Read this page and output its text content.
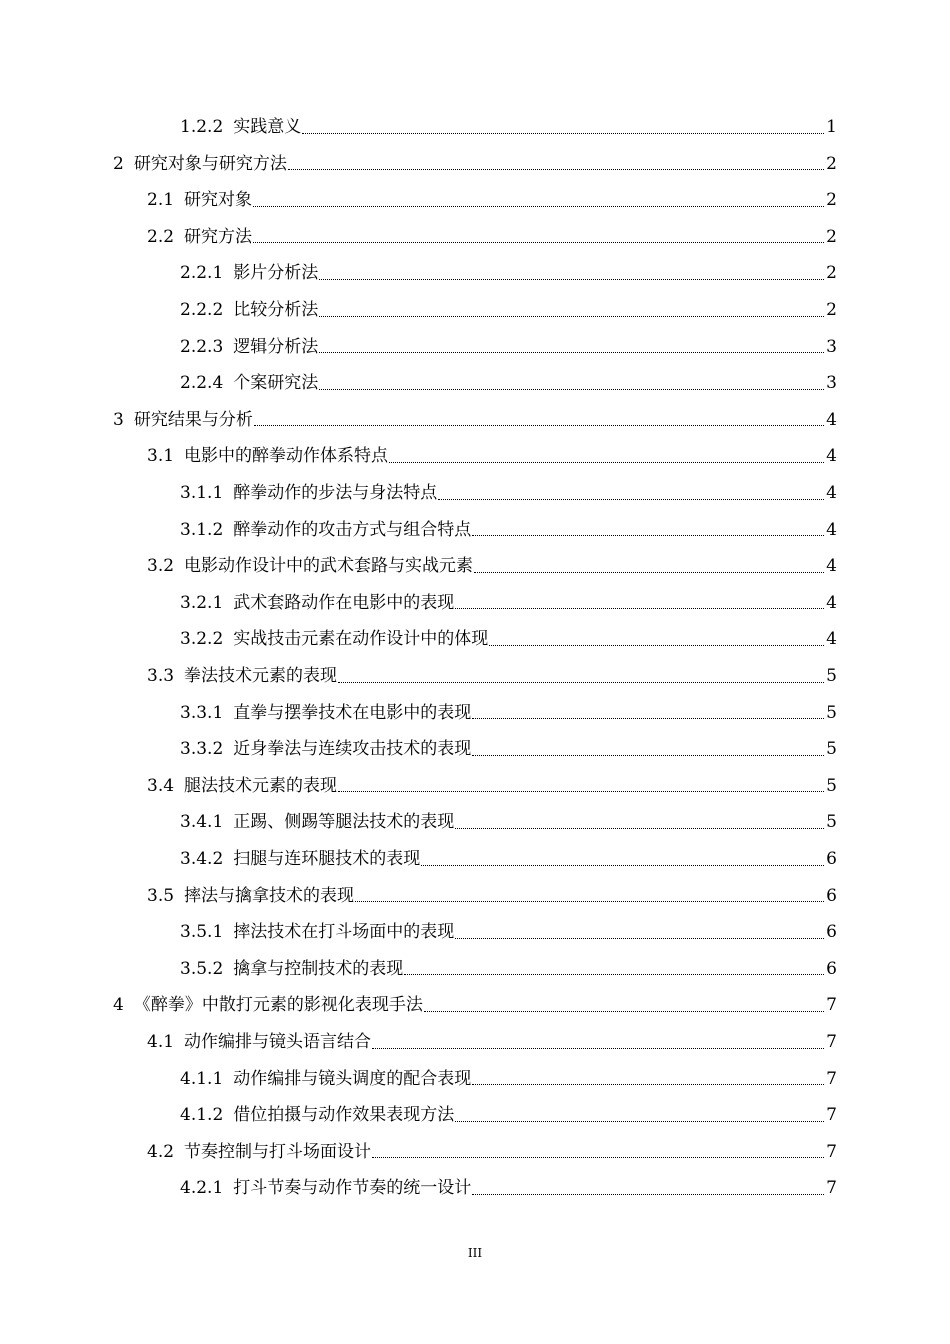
1.2.2 实践意义	1
2 研究对象与研究方法	2
2.1 研究对象	2
2.2 研究方法	2
2.2.1 影片分析法	2
2.2.2 比较分析法	2
2.2.3 逻辑分析法	3
2.2.4 个案研究法	3
3 研究结果与分析	4
3.1 电影中的醉拳动作体系特点	4
3.1.1 醉拳动作的步法与身法特点	4
3.1.2 醉拳动作的攻击方式与组合特点	4
3.2 电影动作设计中的武术套路与实战元素	4
3.2.1 武术套路动作在电影中的表现	4
3.2.2 实战技击元素在动作设计中的体现	4
3.3 拳法技术元素的表现	5
3.3.1 直拳与摆拳技术在电影中的表现	5
3.3.2 近身拳法与连续攻击技术的表现	5
3.4 腿法技术元素的表现	5
3.4.1 正踢、侧踢等腿法技术的表现	5
3.4.2 扫腿与连环腿技术的表现	6
3.5 摔法与擒拿技术的表现	6
3.5.1 摔法技术在打斗场面中的表现	6
3.5.2 擒拿与控制技术的表现	6
4 《醉拳》中散打元素的影视化表现手法	7
4.1 动作编排与镜头语言结合	7
4.1.1 动作编排与镜头调度的配合表现	7
4.1.2 借位拍摄与动作效果表现方法	7
4.2 节奏控制与打斗场面设计	7
4.2.1 打斗节奏与动作节奏的统一设计	7
III
